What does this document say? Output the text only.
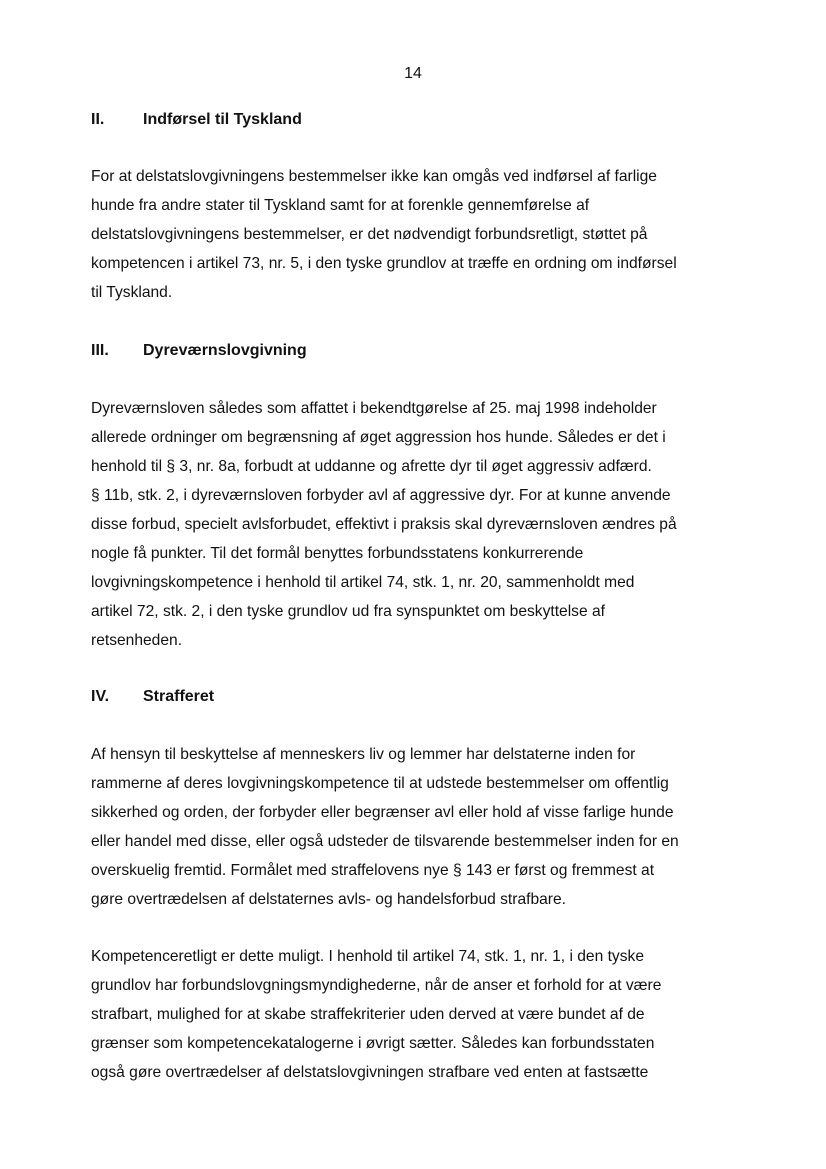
14
II. Indførsel til Tyskland
For at delstatslovgivningens bestemmelser ikke kan omgås ved indførsel af farlige
hunde fra andre stater til Tyskland samt for at forenkle gennemførelse af
delstatslovgivningens bestemmelser, er det nødvendigt forbundsretligt, støttet på
kompetencen i artikel 73, nr. 5, i den tyske grundlov at træffe en ordning om indførsel
til Tyskland.
III. Dyreværnslovgivning
Dyreværnsloven således som affattet i bekendtgørelse af 25. maj 1998 indeholder
allerede ordninger om begrænsning af øget aggression hos hunde. Således er det i
henhold til § 3, nr. 8a, forbudt at uddanne og afrette dyr til øget aggressiv adfærd.
§ 11b, stk. 2, i dyreværnsloven forbyder avl af aggressive dyr. For at kunne anvende
disse forbud, specielt avlsforbudet, effektivt i praksis skal dyreværnsloven ændres på
nogle få punkter. Til det formål benyttes forbundsstatens konkurrerende
lovgivningskompetence i henhold til artikel 74, stk. 1, nr. 20, sammenholdt med
artikel 72, stk. 2, i den tyske grundlov ud fra synspunktet om beskyttelse af
retsenheden.
IV. Strafferet
Af hensyn til beskyttelse af menneskers liv og lemmer har delstaterne inden for
rammerne af deres lovgivningskompetence til at udstede bestemmelser om offentlig
sikkerhed og orden, der forbyder eller begrænser avl eller hold af visse farlige hunde
eller handel med disse, eller også udsteder de tilsvarende bestemmelser inden for en
overskuelig fremtid. Formålet med straffelovens nye § 143 er først og fremmest at
gøre overtrædelsen af delstaternes avls- og handelsforbud strafbare.
Kompetenceretligt er dette muligt. I henhold til artikel 74, stk. 1, nr. 1, i den tyske
grundlov har forbundslovgningsmyndighederne, når de anser et forhold for at være
strafbart, mulighed for at skabe straffekriterier uden derved at være bundet af de
grænser som kompetencekatalogerne i øvrigt sætter. Således kan forbundsstaten
også gøre overtrædelser af delstatslovgivningen strafbare ved enten at fastsætte
